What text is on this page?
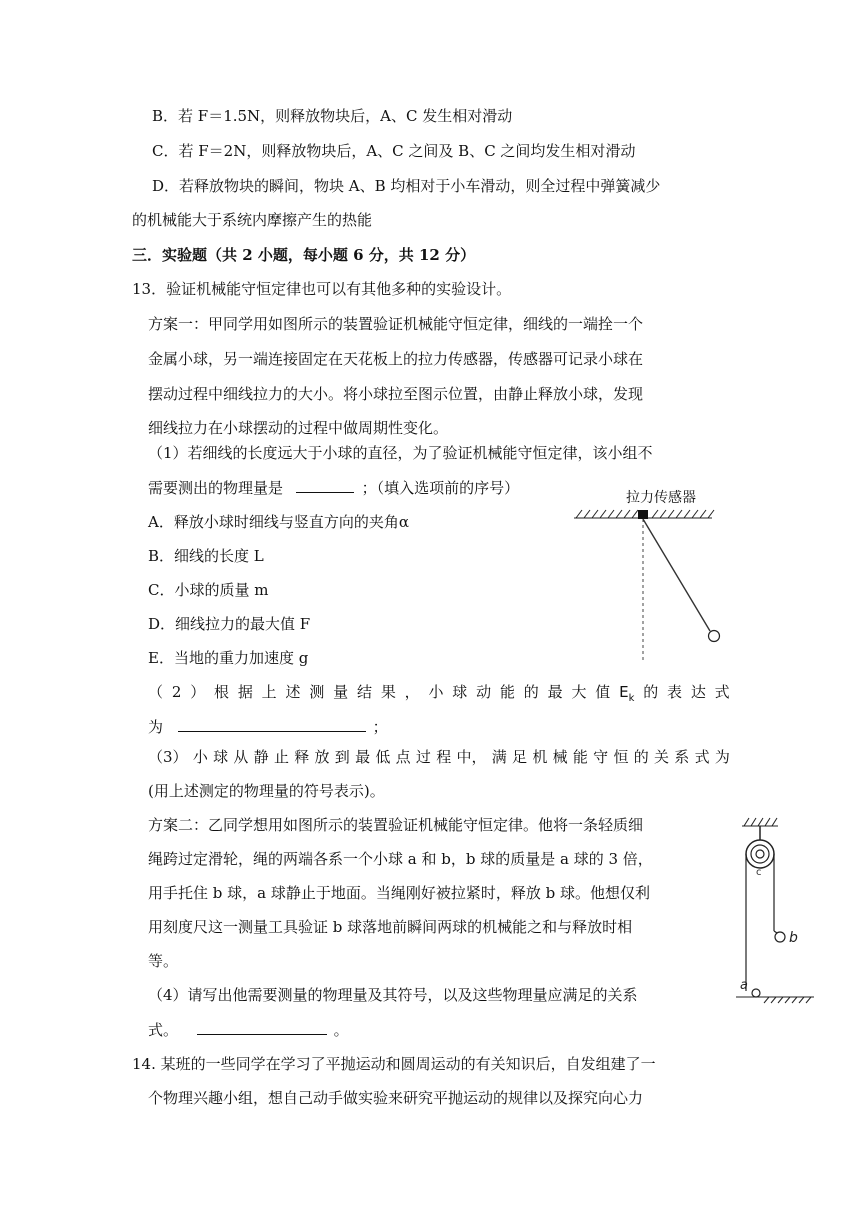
B．若 F＝1.5N，则释放物块后，A、C 发生相对滑动
C．若 F＝2N，则释放物块后，A、C 之间及 B、C 之间均发生相对滑动
D．若释放物块的瞬间，物块 A、B 均相对于小车滑动，则全过程中弹簧减少
的机械能大于系统内摩擦产生的热能
三．实验题（共 2 小题，每小题 6 分，共 12 分）
13．验证机械能守恒定律也可以有其他多种的实验设计。
方案一：甲同学用如图所示的装置验证机械能守恒定律，细线的一端拴一个
金属小球，另一端连接固定在天花板上的拉力传感器，传感器可记录小球在
摆动过程中细线拉力的大小。将小球拉至图示位置，由静止释放小球，发现
细线拉力在小球摆动的过程中做周期性变化。
（1）若细线的长度远大于小球的直径，为了验证机械能守恒定律，该小组不
需要测出的物理量是	；（填入选项前的序号）
A．释放小球时细线与竖直方向的夹角α
B．细线的长度 L
C．小球的质量 m
D．细线拉力的最大值 F
E．当地的重力加速度 g
拉力传感器
（ 2 ） 根 据 上 述 测 量 结 果 ， 小 球 动 能 的 最 大 值 $E_k$ 的 表 达 式
为	；
（3） 小 球 从 静 止 释 放 到 最 低 点 过 程 中， 满 足 机 械 能 守 恒 的 关 系 式 为
(用上述测定的物理量的符号表示)。
方案二：乙同学想用如图所示的装置验证机械能守恒定律。他将一条轻质细
绳跨过定滑轮，绳的两端各系一个小球 a 和 b，b 球的质量是 a 球的 3 倍，
用手托住 b 球，a 球静止于地面。当绳刚好被拉紧时，释放 b 球。他想仅利
用刻度尺这一测量工具验证 b 球落地前瞬间两球的机械能之和与释放时相
等。
（4）请写出他需要测量的物理量及其符号，以及这些物理量应满足的关系
式。	。
c
b
a
14. 某班的一些同学在学习了平抛运动和圆周运动的有关知识后，自发组建了一
个物理兴趣小组，想自己动手做实验来研究平抛运动的规律以及探究向心力
